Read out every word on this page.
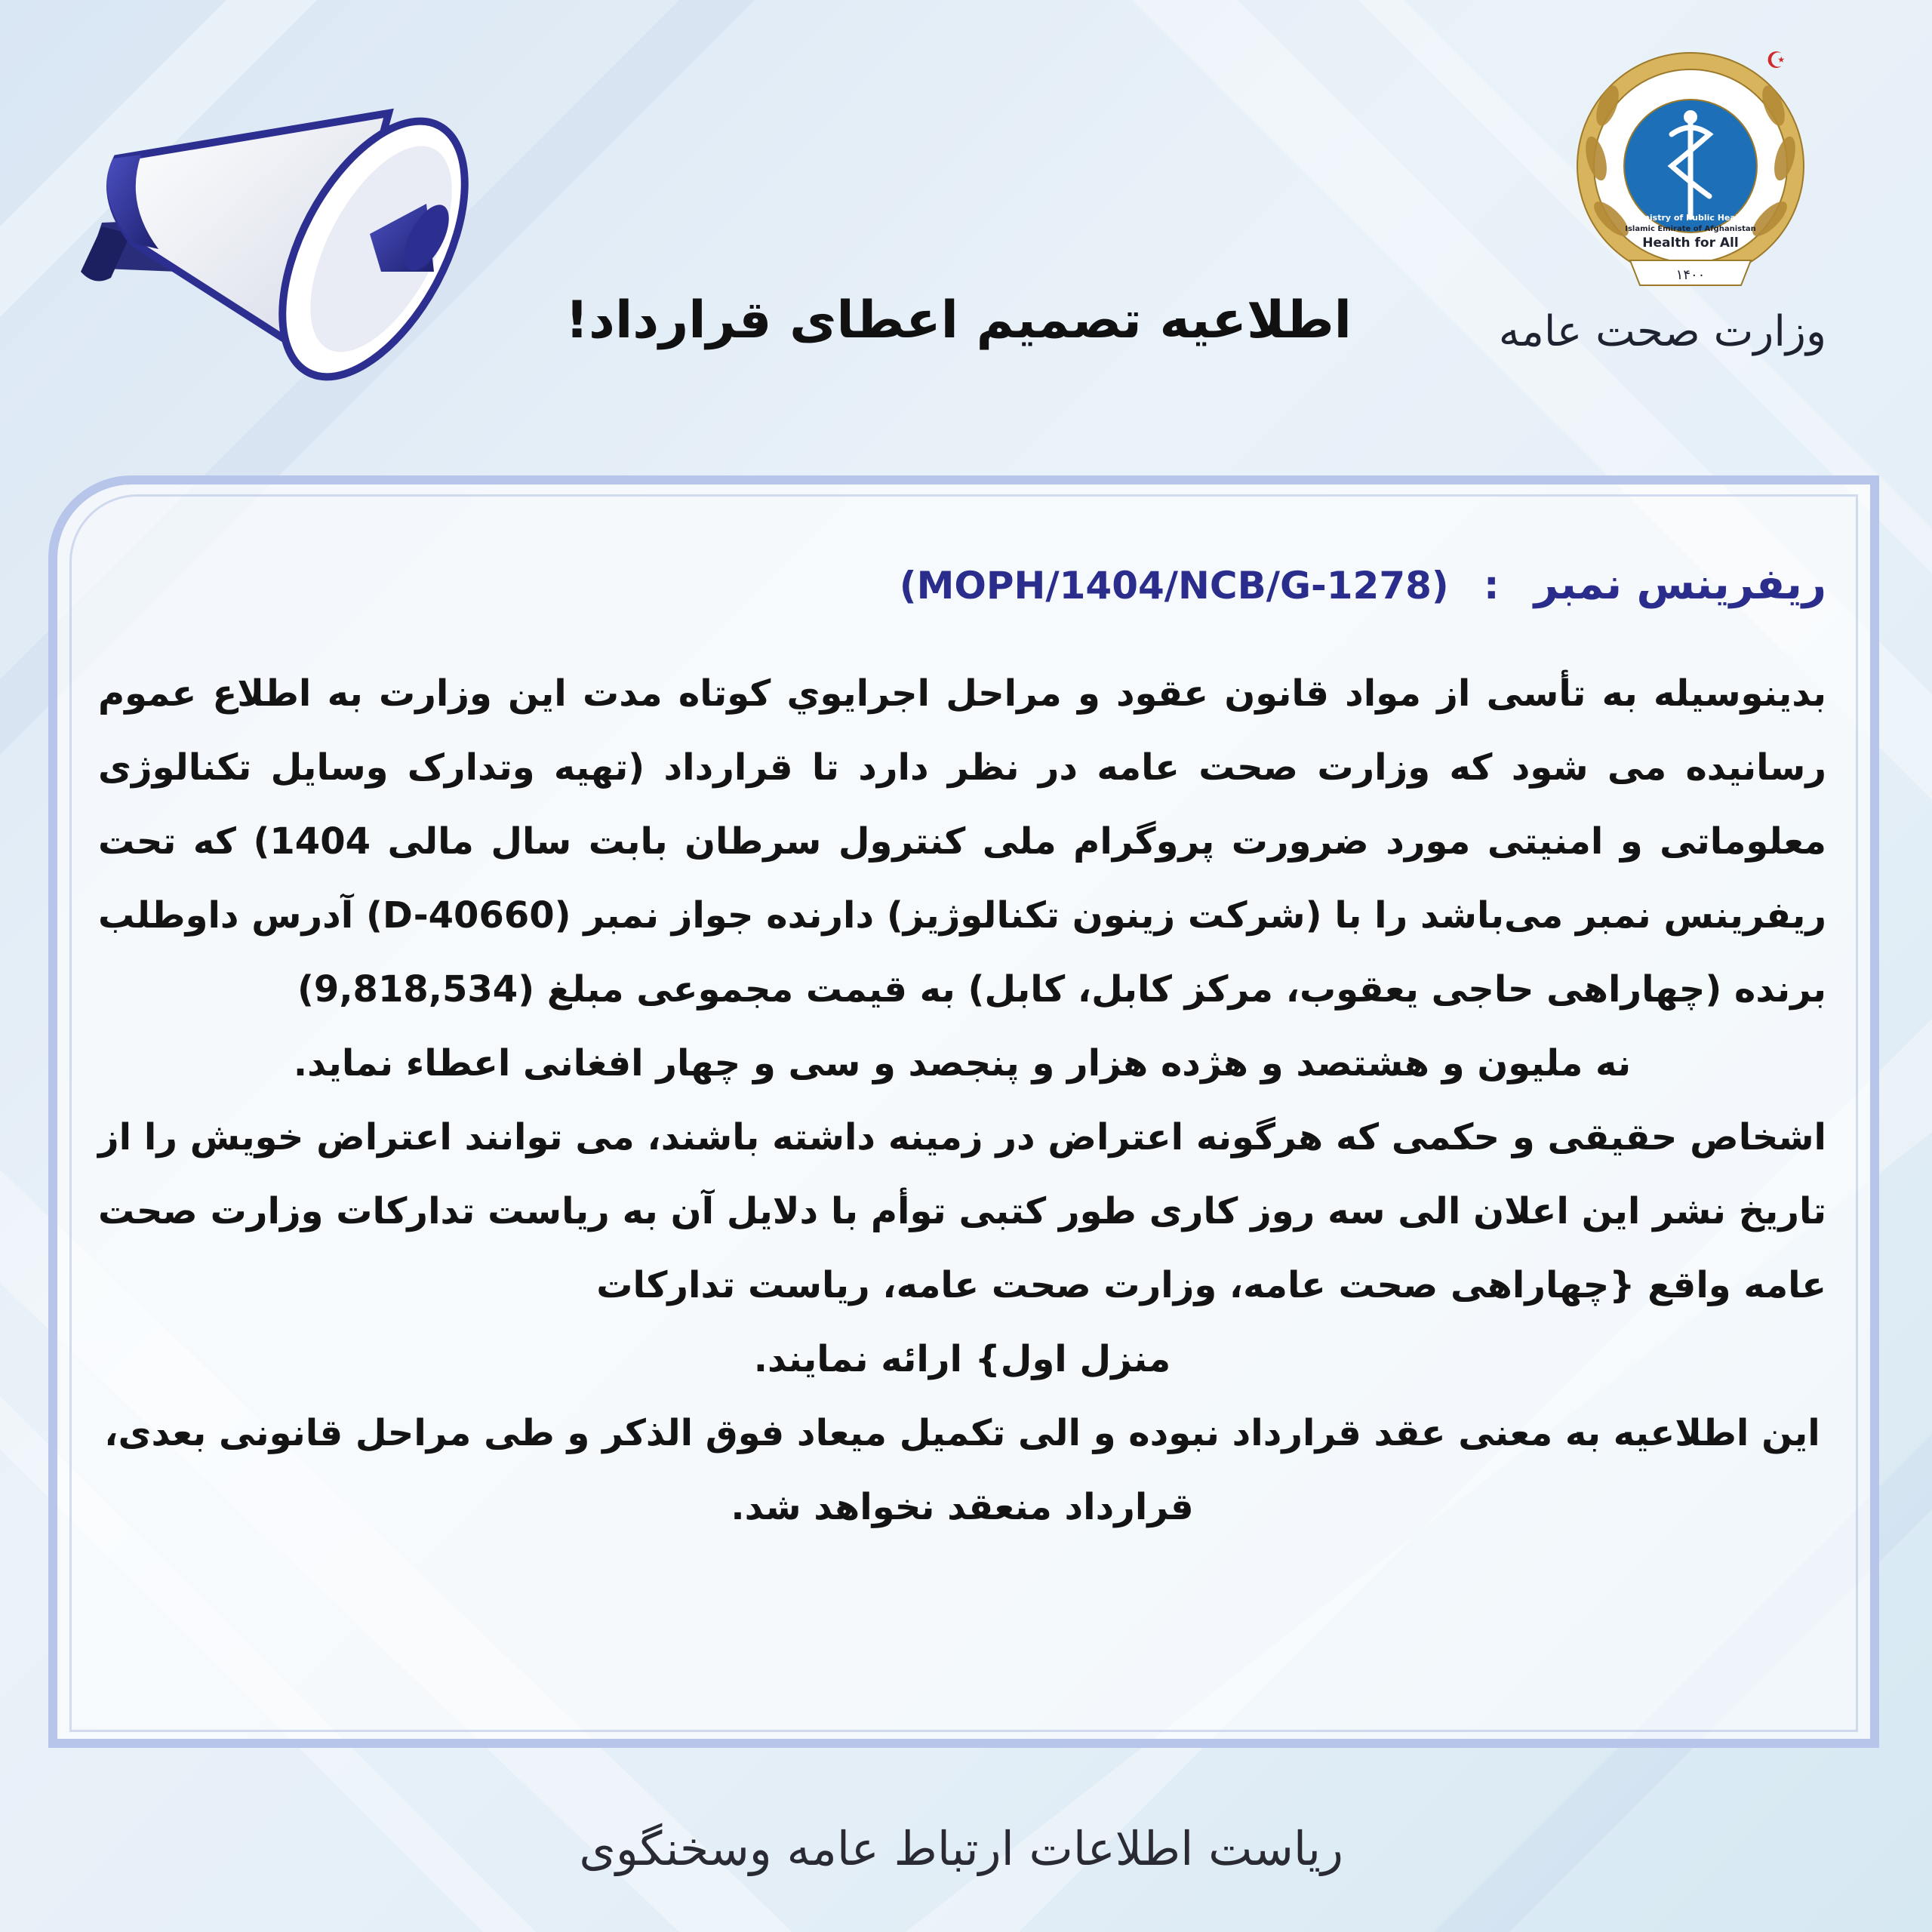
☪
Health for All
۱۴۰۰
Ministry of Public Health
Islamic Emirate of Afghanistan
وزارت صحت عامه
اطلاعیه تصمیم اعطای قرارداد!
ریفرینس نمبر : (MOPH/1404/NCB/G-1278)

بدینوسیله به تأسی از مواد قانون عقود و مراحل اجرایوي کوتاه مدت این وزارت به اطلاع عموم رسانیده می شود که وزارت صحت عامه در نظر دارد تا قرارداد (تهیه وتدارک وسایل تکنالوژی معلوماتی و امنیتی مورد ضرورت پروگرام ملی کنترول سرطان بابت سال مالی 1404) که تحت ریفرینس نمبر می‌باشد را با (شرکت زینون تکنالوژیز) دارنده جواز نمبر (D-40660) آدرس داوطلب برنده (چهاراهی حاجی یعقوب، مرکز کابل، کابل) به قیمت مجموعی مبلغ (9,818,534)

نه ملیون و هشتصد و هژده هزار و پنجصد و سی و چهار افغانی اعطاء نماید.

اشخاص حقیقی و حکمی که هرگونه اعتراض در زمینه داشته باشند، می توانند اعتراض خویش را از تاریخ نشر این اعلان الی سه روز کاری طور کتبی توأم با دلایل آن به ریاست تدارکات وزارت صحت عامه واقع {چهاراهی صحت عامه، وزارت صحت عامه، ریاست تدارکات

منزل اول} ارائه نمایند.

این اطلاعیه به معنی عقد قرارداد نبوده و الی تکمیل میعاد فوق الذکر و طی مراحل قانونی بعدی، قرارداد منعقد نخواهد شد.

ریاست اطلاعات ارتباط عامه وسخنگوی
